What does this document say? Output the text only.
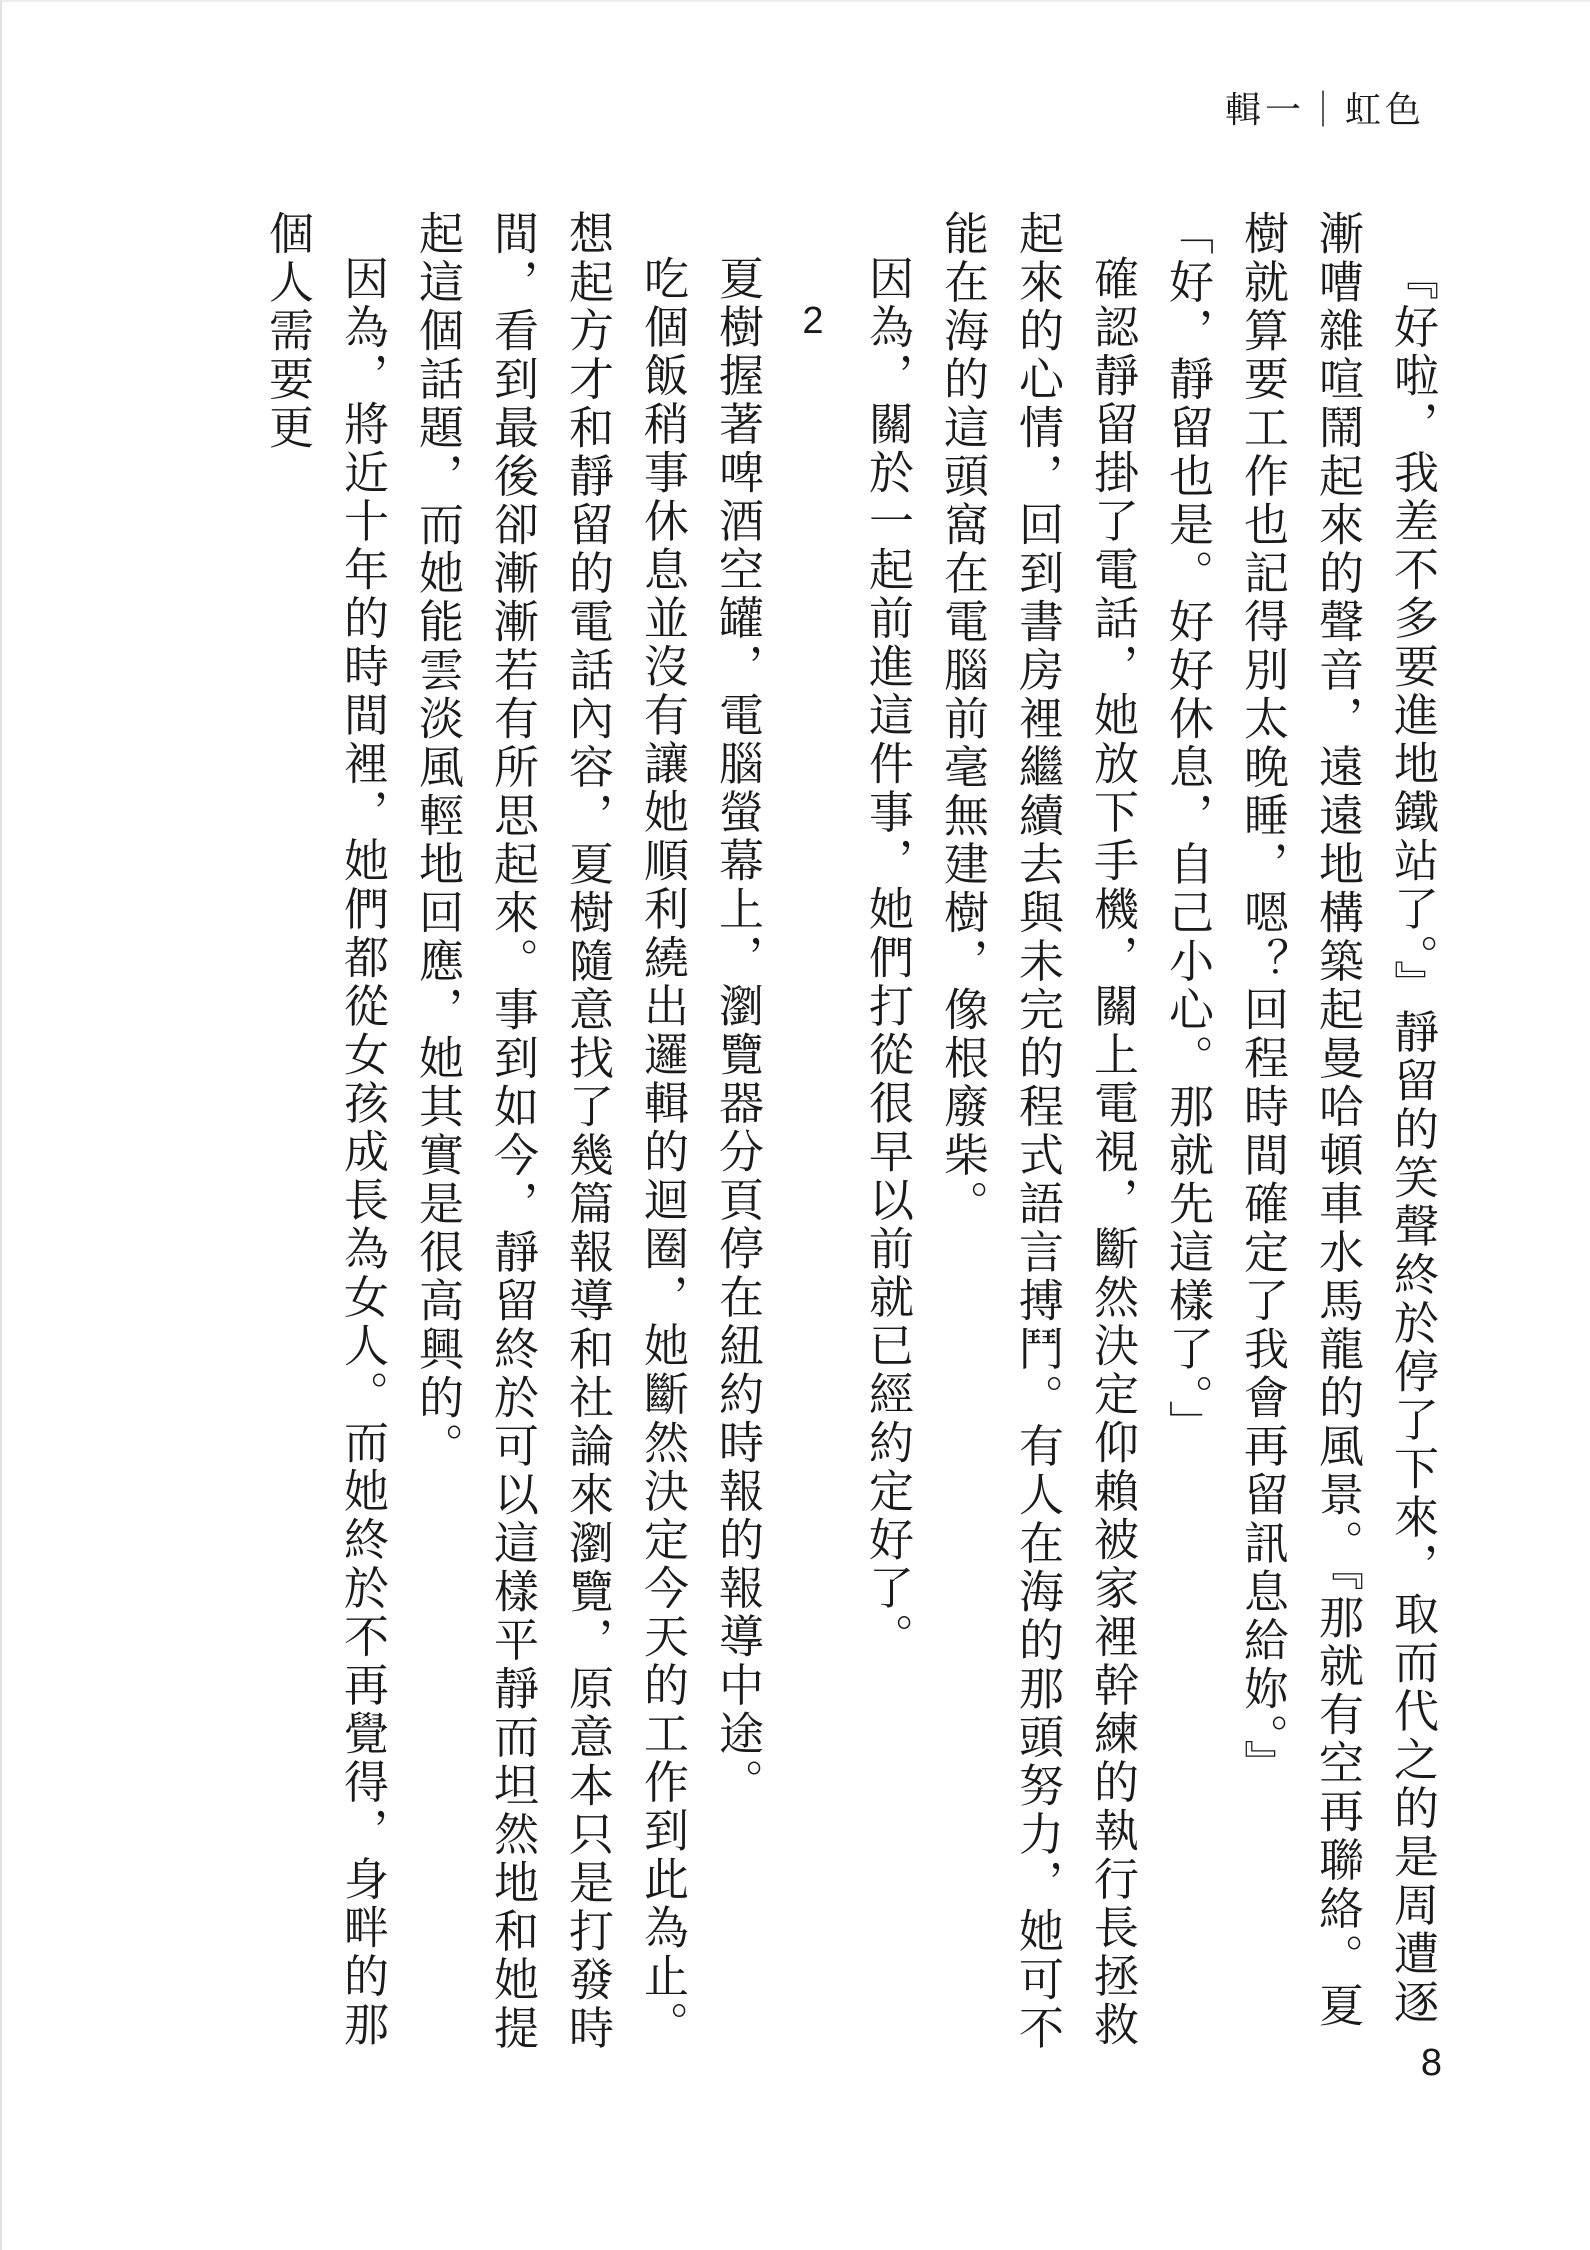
輯一｜虹色

『好啦，我差不多要進地鐵站了。』靜留的笑聲終於停了下來，取而代之的是周遭逐漸嘈雜喧鬧起來的聲音，遠遠地構築起曼哈頓車水馬龍的風景。『那就有空再聯絡。夏樹就算要工作也記得別太晚睡，嗯？回程時間確定了我會再留訊息給妳。』

「好，靜留也是。好好休息，自己小心。那就先這樣了。」

確認靜留掛了電話，她放下手機，關上電視，斷然決定仰賴被家裡幹練的執行長拯救起來的心情，回到書房裡繼續去與未完的程式語言搏鬥。有人在海的那頭努力，她可不能在海的這頭窩在電腦前毫無建樹，像根廢柴。

因為，關於一起前進這件事，她們打從很早以前就已經約定好了。

2

夏樹握著啤酒空罐，電腦螢幕上，瀏覽器分頁停在紐約時報的報導中途。

吃個飯稍事休息並沒有讓她順利繞出邏輯的迴圈，她斷然決定今天的工作到此為止。想起方才和靜留的電話內容，夏樹隨意找了幾篇報導和社論來瀏覽，原意本只是打發時間，看到最後卻漸漸若有所思起來。事到如今，靜留終於可以這樣平靜而坦然地和她提起這個話題，而她能雲淡風輕地回應，她其實是很高興的。

因為，將近十年的時間裡，她們都從女孩成長為女人。而她終於不再覺得，身畔的那個人需要更

8
